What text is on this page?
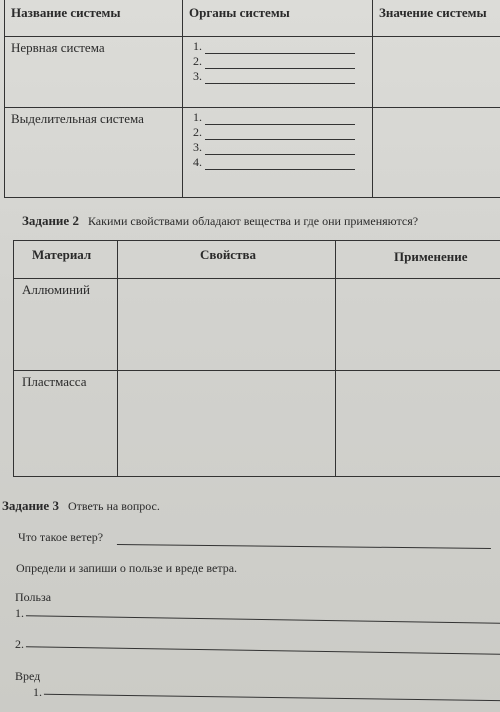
Название системы	Органы системы	Значение системы

Нервная система	1.
2.
3.	

Выделительная система	1.
2.
3.
4.	

Задание 2 Какими свойствами обладают вещества и где они применяются?
Материал	Свойства	Применение

Аллюминий		

Пластмасса		

Задание 3 Ответь на вопрос.
Что такое ветер?
Определи и запиши о пользе и вреде ветра.
Польза
1.
2.
Вред
1.
